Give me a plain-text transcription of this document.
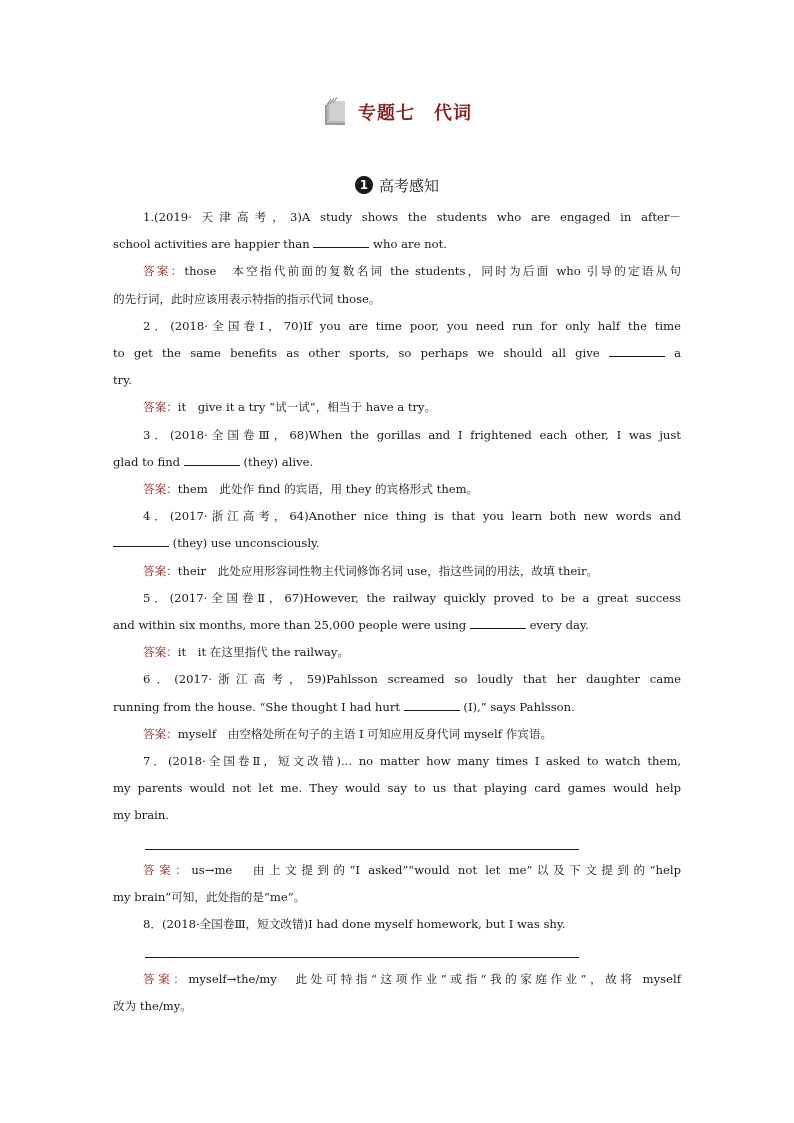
专题七　代词
1 高考感知
1.(2019· 天津高考，3)A study shows the students who are engaged in after－
school activities are happier than	who are not.
答案：those　本空指代前面的复数名词 the students，同时为后面 who 引导的定语从句
的先行词，此时应该用表示特指的指示代词 those。
2．(2018·全国卷Ⅰ，70)If you are time poor, you need run for only half the time
to get the same benefits as other sports, so perhaps we should all give	a
try.
答案：it　give it a try “试一试”，相当于 have a try。
3．(2018·全国卷Ⅲ，68)When the gorillas and I frightened each other, I was just
glad to find	(they) alive.
答案：them　此处作 find 的宾语，用 they 的宾格形式 them。
4．(2017·浙江高考，64)Another nice thing is that you learn both new words and
(they) use unconsciously.
答案：their　此处应用形容词性物主代词修饰名词 use，指这些词的用法，故填 their。
5．(2017·全国卷Ⅱ，67)However, the railway quickly proved to be a great success
and within six months, more than 25,000 people were using	every day.
答案：it　it 在这里指代 the railway。
6．(2017·浙江高考，59)Pahlsson screamed so loudly that her daughter came
running from the house. “She thought I had hurt	(I),” says Pahlsson.
答案：myself　由空格处所在句子的主语 I 可知应用反身代词 myself 作宾语。
7．(2018·全国卷Ⅱ，短文改错)... no matter how many times I asked to watch them,
my parents would not let me. They would say to us that playing card games would help
my brain.
答案：us→me　由上文提到的“I asked”“would not let me”以及下文提到的“help
my brain”可知，此处指的是“me”。
8．(2018·全国卷Ⅲ，短文改错)I had done myself homework, but I was shy.
答案：myself→the/my　此处可特指“这项作业”或指“我的家庭作业”，故将 myself
改为 the/my。
